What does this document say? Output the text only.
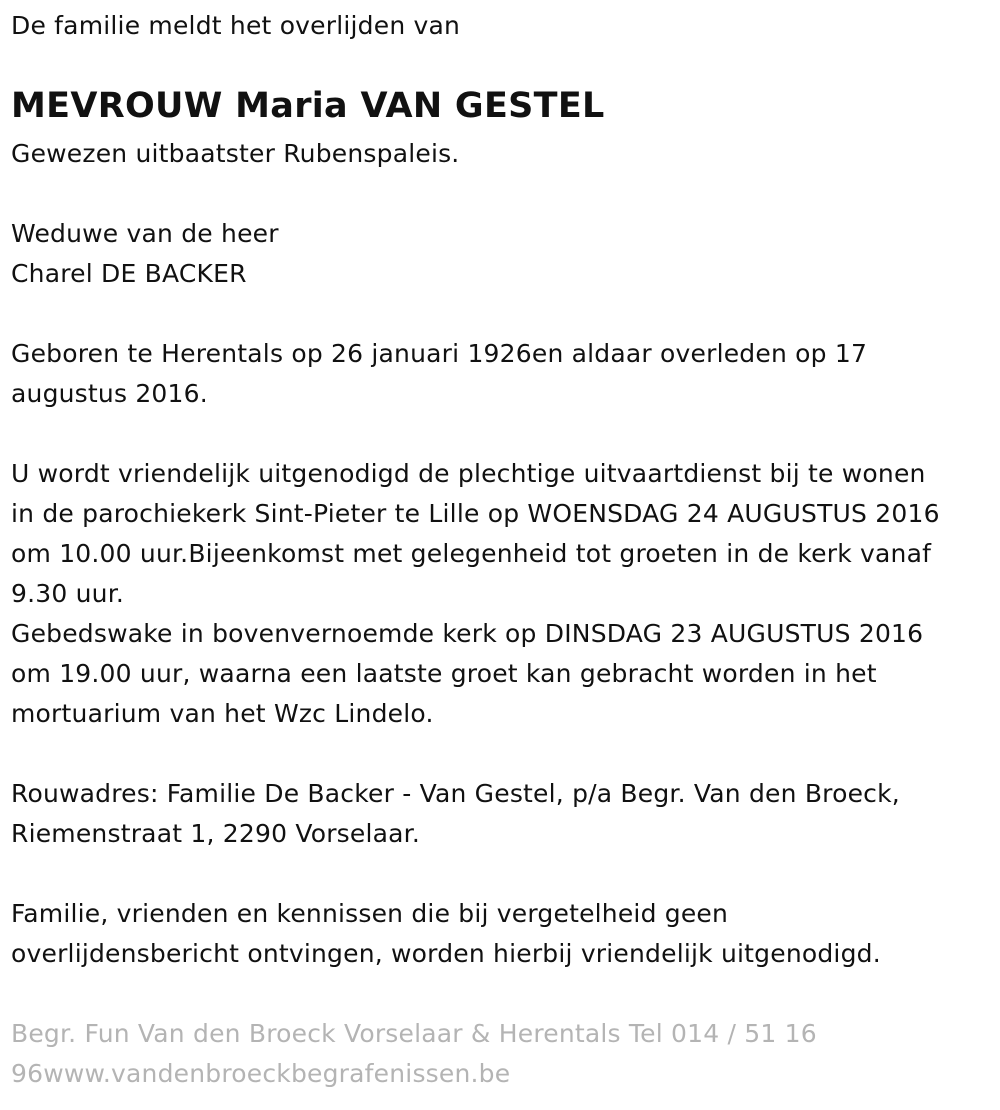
De familie meldt het overlijden van
MEVROUW Maria VAN GESTEL
Gewezen uitbaatster Rubenspaleis.
Weduwe van de heer
Charel DE BACKER
Geboren te Herentals op 26 januari 1926en aldaar overleden op 17
augustus 2016.
U wordt vriendelijk uitgenodigd de plechtige uitvaartdienst bij te wonen
in de parochiekerk Sint-Pieter te Lille op WOENSDAG 24 AUGUSTUS 2016
om 10.00 uur.Bijeenkomst met gelegenheid tot groeten in de kerk vanaf
9.30 uur.
Gebedswake in bovenvernoemde kerk op DINSDAG 23 AUGUSTUS 2016
om 19.00 uur, waarna een laatste groet kan gebracht worden in het
mortuarium van het Wzc Lindelo.
Rouwadres: Familie De Backer - Van Gestel, p/a Begr. Van den Broeck,
Riemenstraat 1, 2290 Vorselaar.
Familie, vrienden en kennissen die bij vergetelheid geen
overlijdensbericht ontvingen, worden hierbij vriendelijk uitgenodigd.
Begr. Fun Van den Broeck Vorselaar & Herentals Tel 014 / 51 16
96www.vandenbroeckbegrafenissen.be
